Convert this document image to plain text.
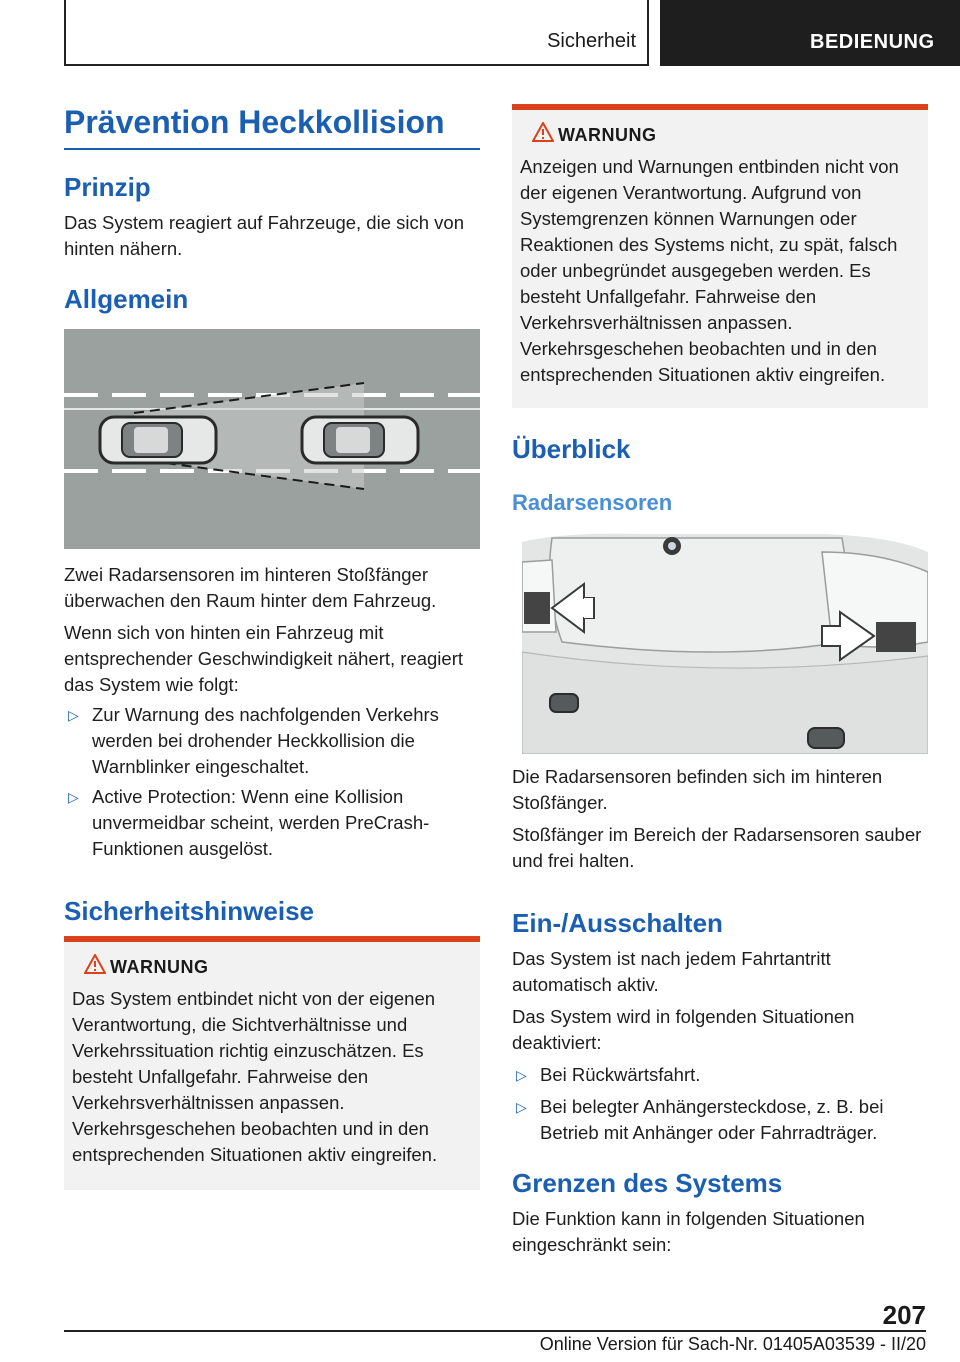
Sicherheit	BEDIENUNG
Prävention Heckkollision
Prinzip
Das System reagiert auf Fahrzeuge, die sich von hinten nähern.
Allgemein
Zwei Radarsensoren im hinteren Stoßfänger überwachen den Raum hinter dem Fahrzeug.
Wenn sich von hinten ein Fahrzeug mit entsprechender Geschwindigkeit nähert, reagiert das System wie folgt:
▷ Zur Warnung des nachfolgenden Verkehrs werden bei drohender Heckkollision die Warnblinker eingeschaltet.
▷ Active Protection: Wenn eine Kollision unvermeidbar scheint, werden PreCrash-Funktionen ausgelöst.
Sicherheitshinweise
WARNUNG
Das System entbindet nicht von der eigenen Verantwortung, die Sichtverhältnisse und Verkehrssituation richtig einzuschätzen. Es besteht Unfallgefahr. Fahrweise den Verkehrsverhältnissen anpassen. Verkehrsgeschehen beobachten und in den entsprechenden Situationen aktiv eingreifen.
WARNUNG
Anzeigen und Warnungen entbinden nicht von der eigenen Verantwortung. Aufgrund von Systemgrenzen können Warnungen oder Reaktionen des Systems nicht, zu spät, falsch oder unbegründet ausgegeben werden. Es besteht Unfallgefahr. Fahrweise den Verkehrsverhältnissen anpassen. Verkehrsgeschehen beobachten und in den entsprechenden Situationen aktiv eingreifen.
Überblick
Radarsensoren
Die Radarsensoren befinden sich im hinteren Stoßfänger.
Stoßfänger im Bereich der Radarsensoren sauber und frei halten.
Ein-/Ausschalten
Das System ist nach jedem Fahrtantritt automatisch aktiv.
Das System wird in folgenden Situationen deaktiviert:
▷ Bei Rückwärtsfahrt.
▷ Bei belegter Anhängersteckdose, z. B. bei Betrieb mit Anhänger oder Fahrradträger.
Grenzen des Systems
Die Funktion kann in folgenden Situationen eingeschränkt sein:
207
Online Version für Sach-Nr. 01405A03539 - II/20
